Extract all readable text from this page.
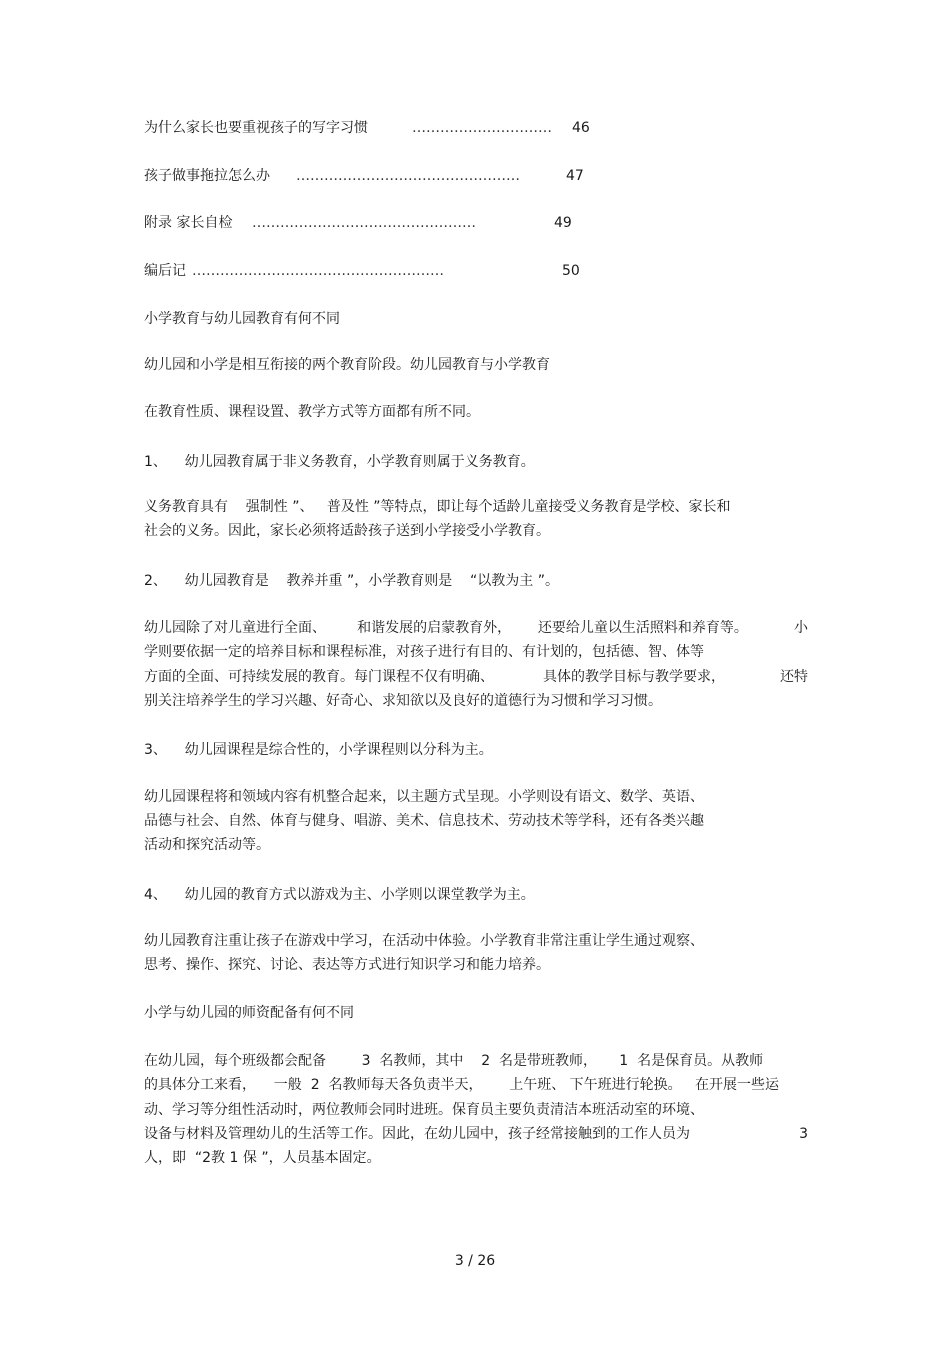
为什么家长也要重视孩子的写字习惯	…………………………	46
孩子做事拖拉怎么办 …………………………………………	47
附录 家长自检 …………………………………………	49
编后记 ………………………………………………	50
小学教育与幼儿园教育有何不同
幼儿园和小学是相互衔接的两个教育阶段。幼儿园教育与小学教育
在教育性质、课程设置、教学方式等方面都有所不同。
1、    幼儿园教育属于非义务教育，小学教育则属于义务教育。
义务教育具有    强制性 ”、   普及性 ”等特点，即让每个适龄儿童接受义务教育是学校、家长和
社会的义务。因此，家长必须将适龄孩子送到小学接受小学教育。
2、    幼儿园教育是    教养并重 ”，小学教育则是    “以教为主 ”。
幼儿园除了对儿童进行全面、       和谐发展的启蒙教育外，      还要给儿童以生活照料和养育等。	小
学则要依据一定的培养目标和课程标准，对孩子进行有目的、有计划的，包括德、智、体等
方面的全面、可持续发展的教育。每门课程不仅有明确、           具体的教学目标与教学要求，	还特
别关注培养学生的学习兴趣、好奇心、求知欲以及良好的道德行为习惯和学习习惯。
3、    幼儿园课程是综合性的，小学课程则以分科为主。
幼儿园课程将和领域内容有机整合起来，以主题方式呈现。小学则设有语文、数学、英语、
品德与社会、自然、体育与健身、唱游、美术、信息技术、劳动技术等学科，还有各类兴趣
活动和探究活动等。
4、    幼儿园的教育方式以游戏为主、小学则以课堂教学为主。
幼儿园教育注重让孩子在游戏中学习，在活动中体验。小学教育非常注重让学生通过观察、
思考、操作、探究、讨论、表达等方式进行知识学习和能力培养。
小学与幼儿园的师资配备有何不同
在幼儿园，每个班级都会配备        3  名教师，其中    2  名是带班教师，     1  名是保育员。从教师
的具体分工来看，    一般  2  名教师每天各负责半天，      上午班、 下午班进行轮换。   在开展一些运
动、学习等分组性活动时，两位教师会同时进班。保育员主要负责清洁本班活动室的环境、
设备与材料及管理幼儿的生活等工作。因此，在幼儿园中，孩子经常接触到的工作人员为	3
人，即  “2教 1 保 ”，人员基本固定。
3 / 26
